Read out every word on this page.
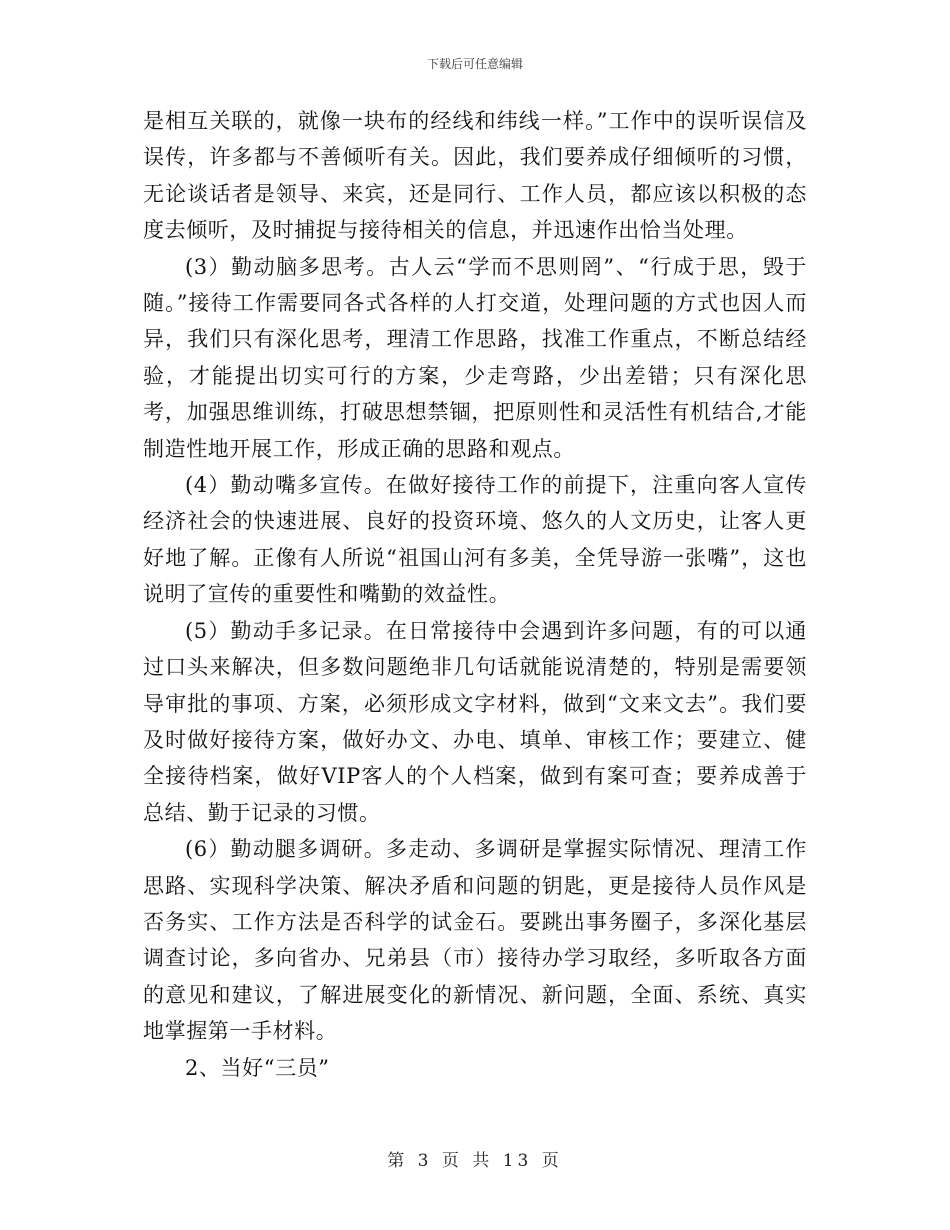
下载后可任意编辑

是相互关联的，就像一块布的经线和纬线一样。”工作中的误听误信及误传，许多都与不善倾听有关。因此，我们要养成仔细倾听的习惯，无论谈话者是领导、来宾，还是同行、工作人员，都应该以积极的态度去倾听，及时捕捉与接待相关的信息，并迅速作出恰当处理。

(3）勤动脑多思考。古人云“学而不思则罔”、“行成于思，毁于随。”接待工作需要同各式各样的人打交道，处理问题的方式也因人而异，我们只有深化思考，理清工作思路，找准工作重点，不断总结经验，才能提出切实可行的方案，少走弯路，少出差错；只有深化思考，加强思维训练，打破思想禁锢，把原则性和灵活性有机结合,才能制造性地开展工作，形成正确的思路和观点。

(4）勤动嘴多宣传。在做好接待工作的前提下，注重向客人宣传经济社会的快速进展、良好的投资环境、悠久的人文历史，让客人更好地了解。正像有人所说“祖国山河有多美，全凭导游一张嘴”，这也说明了宣传的重要性和嘴勤的效益性。

(5）勤动手多记录。在日常接待中会遇到许多问题，有的可以通过口头来解决，但多数问题绝非几句话就能说清楚的，特别是需要领导审批的事项、方案，必须形成文字材料，做到“文来文去”。我们要及时做好接待方案，做好办文、办电、填单、审核工作；要建立、健全接待档案，做好VIP客人的个人档案，做到有案可查；要养成善于总结、勤于记录的习惯。

(6）勤动腿多调研。多走动、多调研是掌握实际情况、理清工作思路、实现科学决策、解决矛盾和问题的钥匙，更是接待人员作风是否务实、工作方法是否科学的试金石。要跳出事务圈子，多深化基层调查讨论，多向省办、兄弟县（市）接待办学习取经，多听取各方面的意见和建议，了解进展变化的新情况、新问题，全面、系统、真实地掌握第一手材料。

2、当好“三员”

第 3 页 共 13 页
